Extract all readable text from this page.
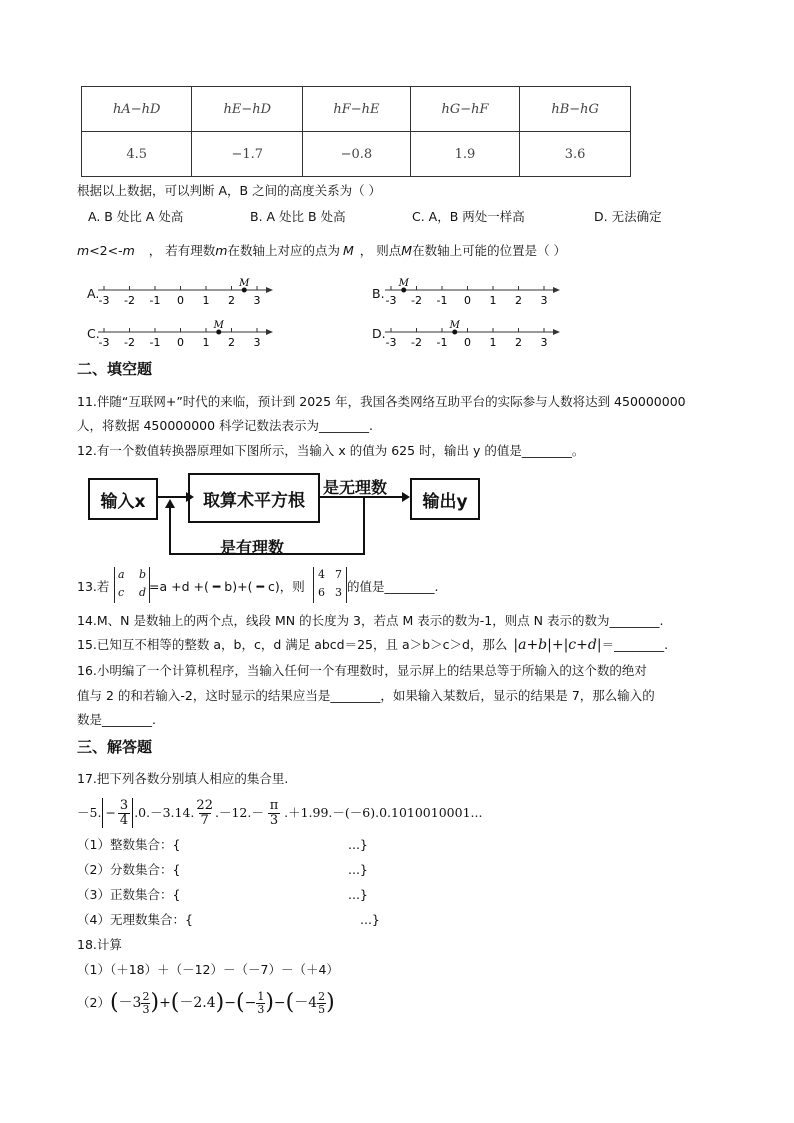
hA−hD	hE−hD	hF−hE	hG−hF	hB−hG
4.5	−1.7	−0.8	1.9	3.6
根据以上数据，可以判断 A，B 之间的高度关系为（ ）
A. B 处比 A 处高	B. A 处比 B 处高	C. A，B 两处一样高	D. 无法确定
m<2<-m ， 若有理数m在数轴上对应的点为 M ， 则点M在数轴上可能的位置是（ ）
A.	B.
C.	D.
-3 -2 -1 0 1 2 3
M
-3 -2 -1 0 1 2 3
M
-3 -2 -1 0 1 2 3
M
-3 -2 -1 0 1 2 3
M
二、填空题
11.伴随“互联网+”时代的来临，预计到 2025 年，我国各类网络互助平台的实际参与人数将达到 450000000
人，将数据 450000000 科学记数法表示为________.
12.有一个数值转换器原理如下图所示，当输入 x 的值为 625 时，输出 y 的值是________。
输入x	取算术平方根	输出y
是无理数
是有理数
13.若
a b
c d =a +d +( ━ b)+( ━ c)，则
4 7
6 3 的值是________.
14.M、N 是数轴上的两个点，线段 MN 的长度为 3，若点 M 表示的数为-1，则点 N 表示的数为________.
15.已知互不相等的整数 a，b，c，d 满足 abcd＝25，且 a＞b＞c＞d，那么 |a+b|+|c+d|＝________.
16.小明编了一个计算机程序，当输入任何一个有理数时，显示屏上的结果总等于所输入的这个数的绝对
值与 2 的和若输入-2，这时显示的结果应当是________，如果输入某数后，显示的结果是 7，那么输入的
数是________.
三、解答题
17.把下列各数分别填人相应的集合里.
－5. − $\frac{3}{4} .0.-3.14$. 22
7 .－12.－ π
3 .＋1.99.－(－6).0.1010010001...
（1）整数集合：{	...}
（2）分数集合：{	...}
（3）正数集合：{	...}
（4）无理数集合：{	...}
18.计算
（1）（＋18）＋（－12）－（－7）－（＋4）
（2） ( －3 2
3 ) + ( －2.4 ) − ( − $\frac{1}{3}$ ) − ( －4 2
5 )
